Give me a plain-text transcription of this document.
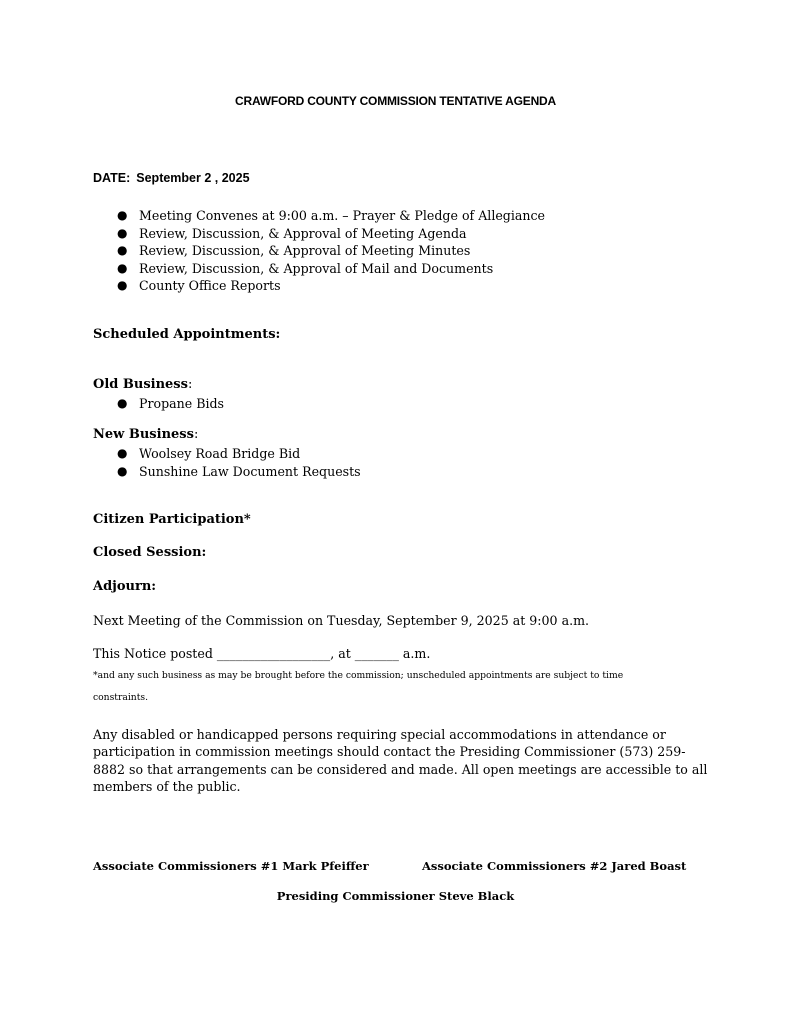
CRAWFORD COUNTY COMMISSION TENTATIVE AGENDA
DATE: September 2 , 2025
● Meeting Convenes at 9:00 a.m. – Prayer & Pledge of Allegiance
● Review, Discussion, & Approval of Meeting Agenda
● Review, Discussion, & Approval of Meeting Minutes
● Review, Discussion, & Approval of Mail and Documents
● County Office Reports
Scheduled Appointments:
Old Business:
● Propane Bids
New Business:
● Woolsey Road Bridge Bid
● Sunshine Law Document Requests
Citizen Participation*
Closed Session:
Adjourn:
Next Meeting of the Commission on Tuesday, September 9, 2025 at 9:00 a.m.
This Notice posted __________________, at _______ a.m.
*and any such business as may be brought before the commission; unscheduled appointments are subject to time
constraints.
Any disabled or handicapped persons requiring special accommodations in attendance or participation in commission meetings should contact the Presiding Commissioner (573) 259-8882 so that arrangements can be considered and made. All open meetings are accessible to all members of the public.
Associate Commissioners #1 Mark Pfeiffer	Associate Commissioners #2 Jared Boast
Presiding Commissioner Steve Black
